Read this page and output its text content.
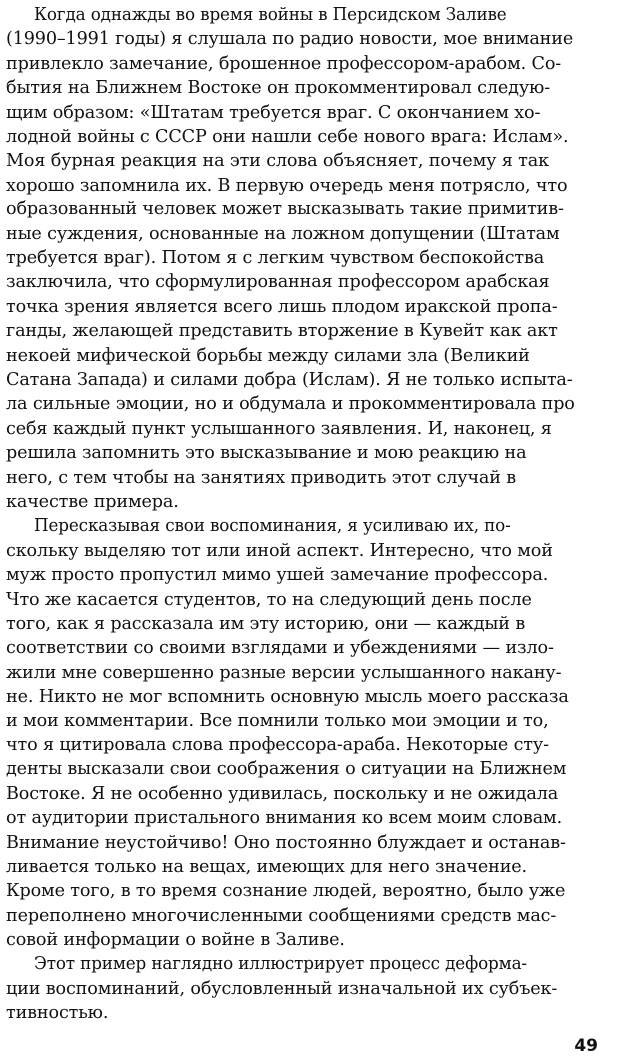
Когда однажды во время войны в Персидском Заливе
(1990–1991 годы) я слушала по радио новости, мое внимание
привлекло замечание, брошенное профессором-арабом. Со-
бытия на Ближнем Востоке он прокомментировал следую-
щим образом: «Штатам требуется враг. С окончанием хо-
лодной войны с СССР они нашли себе нового врага: Ислам».
Моя бурная реакция на эти слова объясняет, почему я так
хорошо запомнила их. В первую очередь меня потрясло, что
образованный человек может высказывать такие примитив-
ные суждения, основанные на ложном допущении (Штатам
требуется враг). Потом я с легким чувством беспокойства
заключила, что сформулированная профессором арабская
точка зрения является всего лишь плодом иракской пропа-
ганды, желающей представить вторжение в Кувейт как акт
некоей мифической борьбы между силами зла (Великий
Сатана Запада) и силами добра (Ислам). Я не только испыта-
ла сильные эмоции, но и обдумала и прокомментировала про
себя каждый пункт услышанного заявления. И, наконец, я
решила запомнить это высказывание и мою реакцию на
него, с тем чтобы на занятиях приводить этот случай в
качестве примера.
Пересказывая свои воспоминания, я усиливаю их, по-
скольку выделяю тот или иной аспект. Интересно, что мой
муж просто пропустил мимо ушей замечание профессора.
Что же касается студентов, то на следующий день после
того, как я рассказала им эту историю, они — каждый в
соответствии со своими взглядами и убеждениями — изло-
жили мне совершенно разные версии услышанного накану-
не. Никто не мог вспомнить основную мысль моего рассказа
и мои комментарии. Все помнили только мои эмоции и то,
что я цитировала слова профессора-араба. Некоторые сту-
денты высказали свои соображения о ситуации на Ближнем
Востоке. Я не особенно удивилась, поскольку и не ожидала
от аудитории пристального внимания ко всем моим словам.
Внимание неустойчиво! Оно постоянно блуждает и останав-
ливается только на вещах, имеющих для него значение.
Кроме того, в то время сознание людей, вероятно, было уже
переполнено многочисленными сообщениями средств мас-
совой информации о войне в Заливе.
Этот пример наглядно иллюстрирует процесс деформа-
ции воспоминаний, обусловленный изначальной их субъек-
тивностью.
49
